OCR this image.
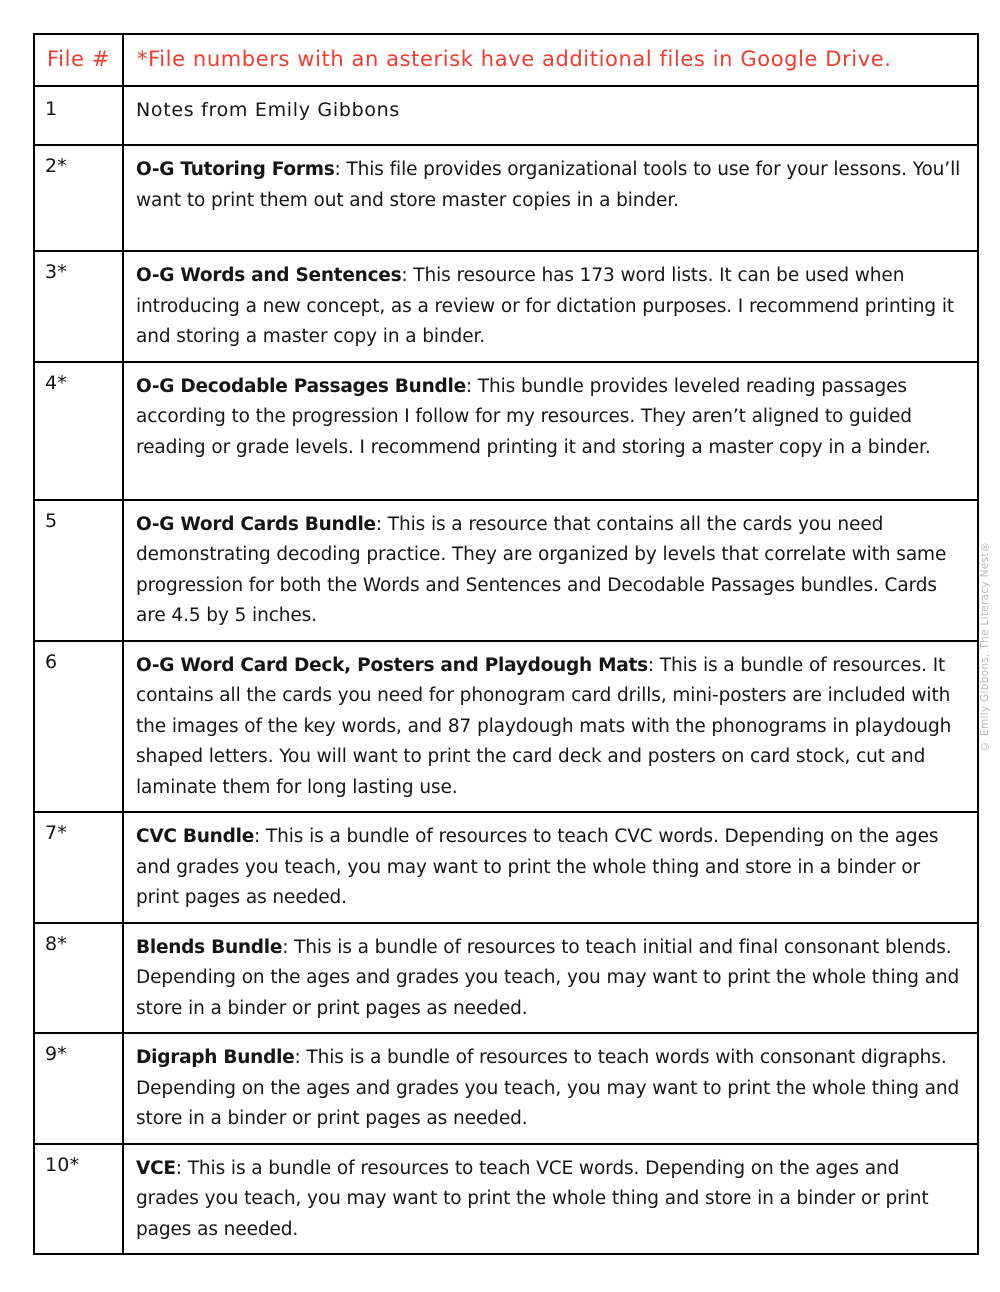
File #	*File numbers with an asterisk have additional files in Google Drive.

1	Notes from Emily Gibbons

2*	O-G Tutoring Forms: This file provides organizational tools to use for your lessons. You’ll want to print them out and store master copies in a binder.

3*	O-G Words and Sentences: This resource has 173 word lists. It can be used when introducing a new concept, as a review or for dictation purposes. I recommend printing it and storing a master copy in a binder.

4*	O-G Decodable Passages Bundle: This bundle provides leveled reading passages according to the progression I follow for my resources. They aren’t aligned to guided reading or grade levels. I recommend printing it and storing a master copy in a binder.

5	O-G Word Cards Bundle: This is a resource that contains all the cards you need demonstrating decoding practice. They are organized by levels that correlate with same progression for both the Words and Sentences and Decodable Passages bundles. Cards are 4.5 by 5 inches.

6	O-G Word Card Deck, Posters and Playdough Mats: This is a bundle of resources. It contains all the cards you need for phonogram card drills, mini-posters are included with the images of the key words, and 87 playdough mats with the phonograms in playdough shaped letters. You will want to print the card deck and posters on card stock, cut and laminate them for long lasting use.

7*	CVC Bundle: This is a bundle of resources to teach CVC words. Depending on the ages and grades you teach, you may want to print the whole thing and store in a binder or print pages as needed.

8*	Blends Bundle: This is a bundle of resources to teach initial and final consonant blends. Depending on the ages and grades you teach, you may want to print the whole thing and store in a binder or print pages as needed.

9*	Digraph Bundle: This is a bundle of resources to teach words with consonant digraphs. Depending on the ages and grades you teach, you may want to print the whole thing and store in a binder or print pages as needed.

10*	VCE: This is a bundle of resources to teach VCE words. Depending on the ages and grades you teach, you may want to print the whole thing and store in a binder or print pages as needed.
© Emily Gibbons, The Literacy Nest®
